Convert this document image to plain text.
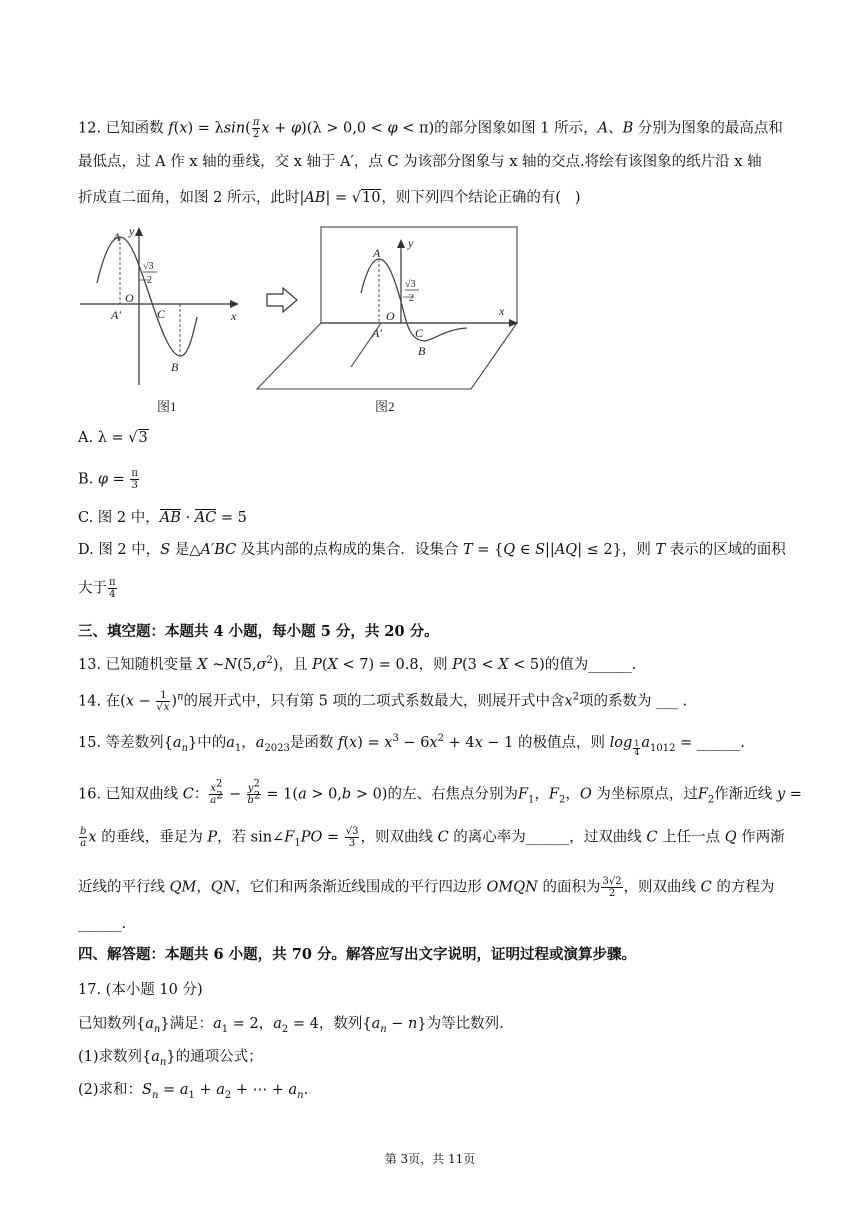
12. 已知函数 $f(x) = \lambda\sin( \frac{\pi}{2}$ x + φ)(λ > 0,0 < φ < π)的部分图象如图 1 所示，A、B 分别为图象的最高点和
最低点，过 A 作 x 轴的垂线，交 x 轴于 A′，点 C 为该部分图象与 x 轴的交点.将绘有该图象的纸片沿 x 轴
折成直二面角，如图 2 所示，此时|AB| = √10，则下列四个结论正确的有(   )
A
B
C
O
A′	x
y
√3
2
图1
A
B
C
O
A′
x
y
√3
2
图2
A. λ = √3
B. $\varphi = \frac{\pi}{3}$
C. 图 2 中，AB · AC = 5
D. 图 2 中，S 是△A′BC 及其内部的点构成的集合．设集合 T = {Q ∈ S||AQ| ≤ 2}，则 T 表示的区域的面积
大于 $\frac{\pi}{4}$
三、填空题：本题共 4 小题，每小题 5 分，共 20 分。
13. 已知随机变量 X $\sim N(5,\sigma^2)$，且 P(X < 7) = 0.8，则 P(3 < X < 5)的值为______.
14. 在$(x - \frac{1}{√x} )^n$的展开式中，只有第 5 项的二项式系数最大，则展开式中含$x^2$项的系数为 ___ .
15. 等差数列$\{a_n\}$中的$a_1$，$a_{2023}$是函数 $f(x) = x^3 - 6x^2 + 4x - 1$ 的极值点，则 log $_{\frac{1}{4}}$ $a_{1012}$ = ______.
16. 已知双曲线 C： $\frac{x^2}{a^2} - \frac{y^2}{b^2} = 1(a > 0,b > 0)$的左、右焦点分别为$F_1$，$F_2$，O 为坐标原点，过$F_2$作渐近线 y =
$\frac{b}{a}$ x 的垂线，垂足为 P，若 $\sin\angle F_1PO = \frac{√3}{3}$ ，则双曲线 C 的离心率为______，过双曲线 C 上任一点 Q 作两渐
近线的平行线 QM，QN，它们和两条渐近线围成的平行四边形 OMQN 的面积为 $\frac{3√2}{2}$ ，则双曲线 C 的方程为
______.
四、解答题：本题共 6 小题，共 70 分。解答应写出文字说明，证明过程或演算步骤。
17. (本小题 10 分)
已知数列$\{a_n\}$满足：$a_1 = 2$，$a_2 = 4$，数列$\{a_n - n\}$为等比数列.
(1)求数列$\{a_n\}$的通项公式；
(2)求和：$S_n = a_1 + a_2$ + ⋯ + $a_n$.
第 3页，共 11页
